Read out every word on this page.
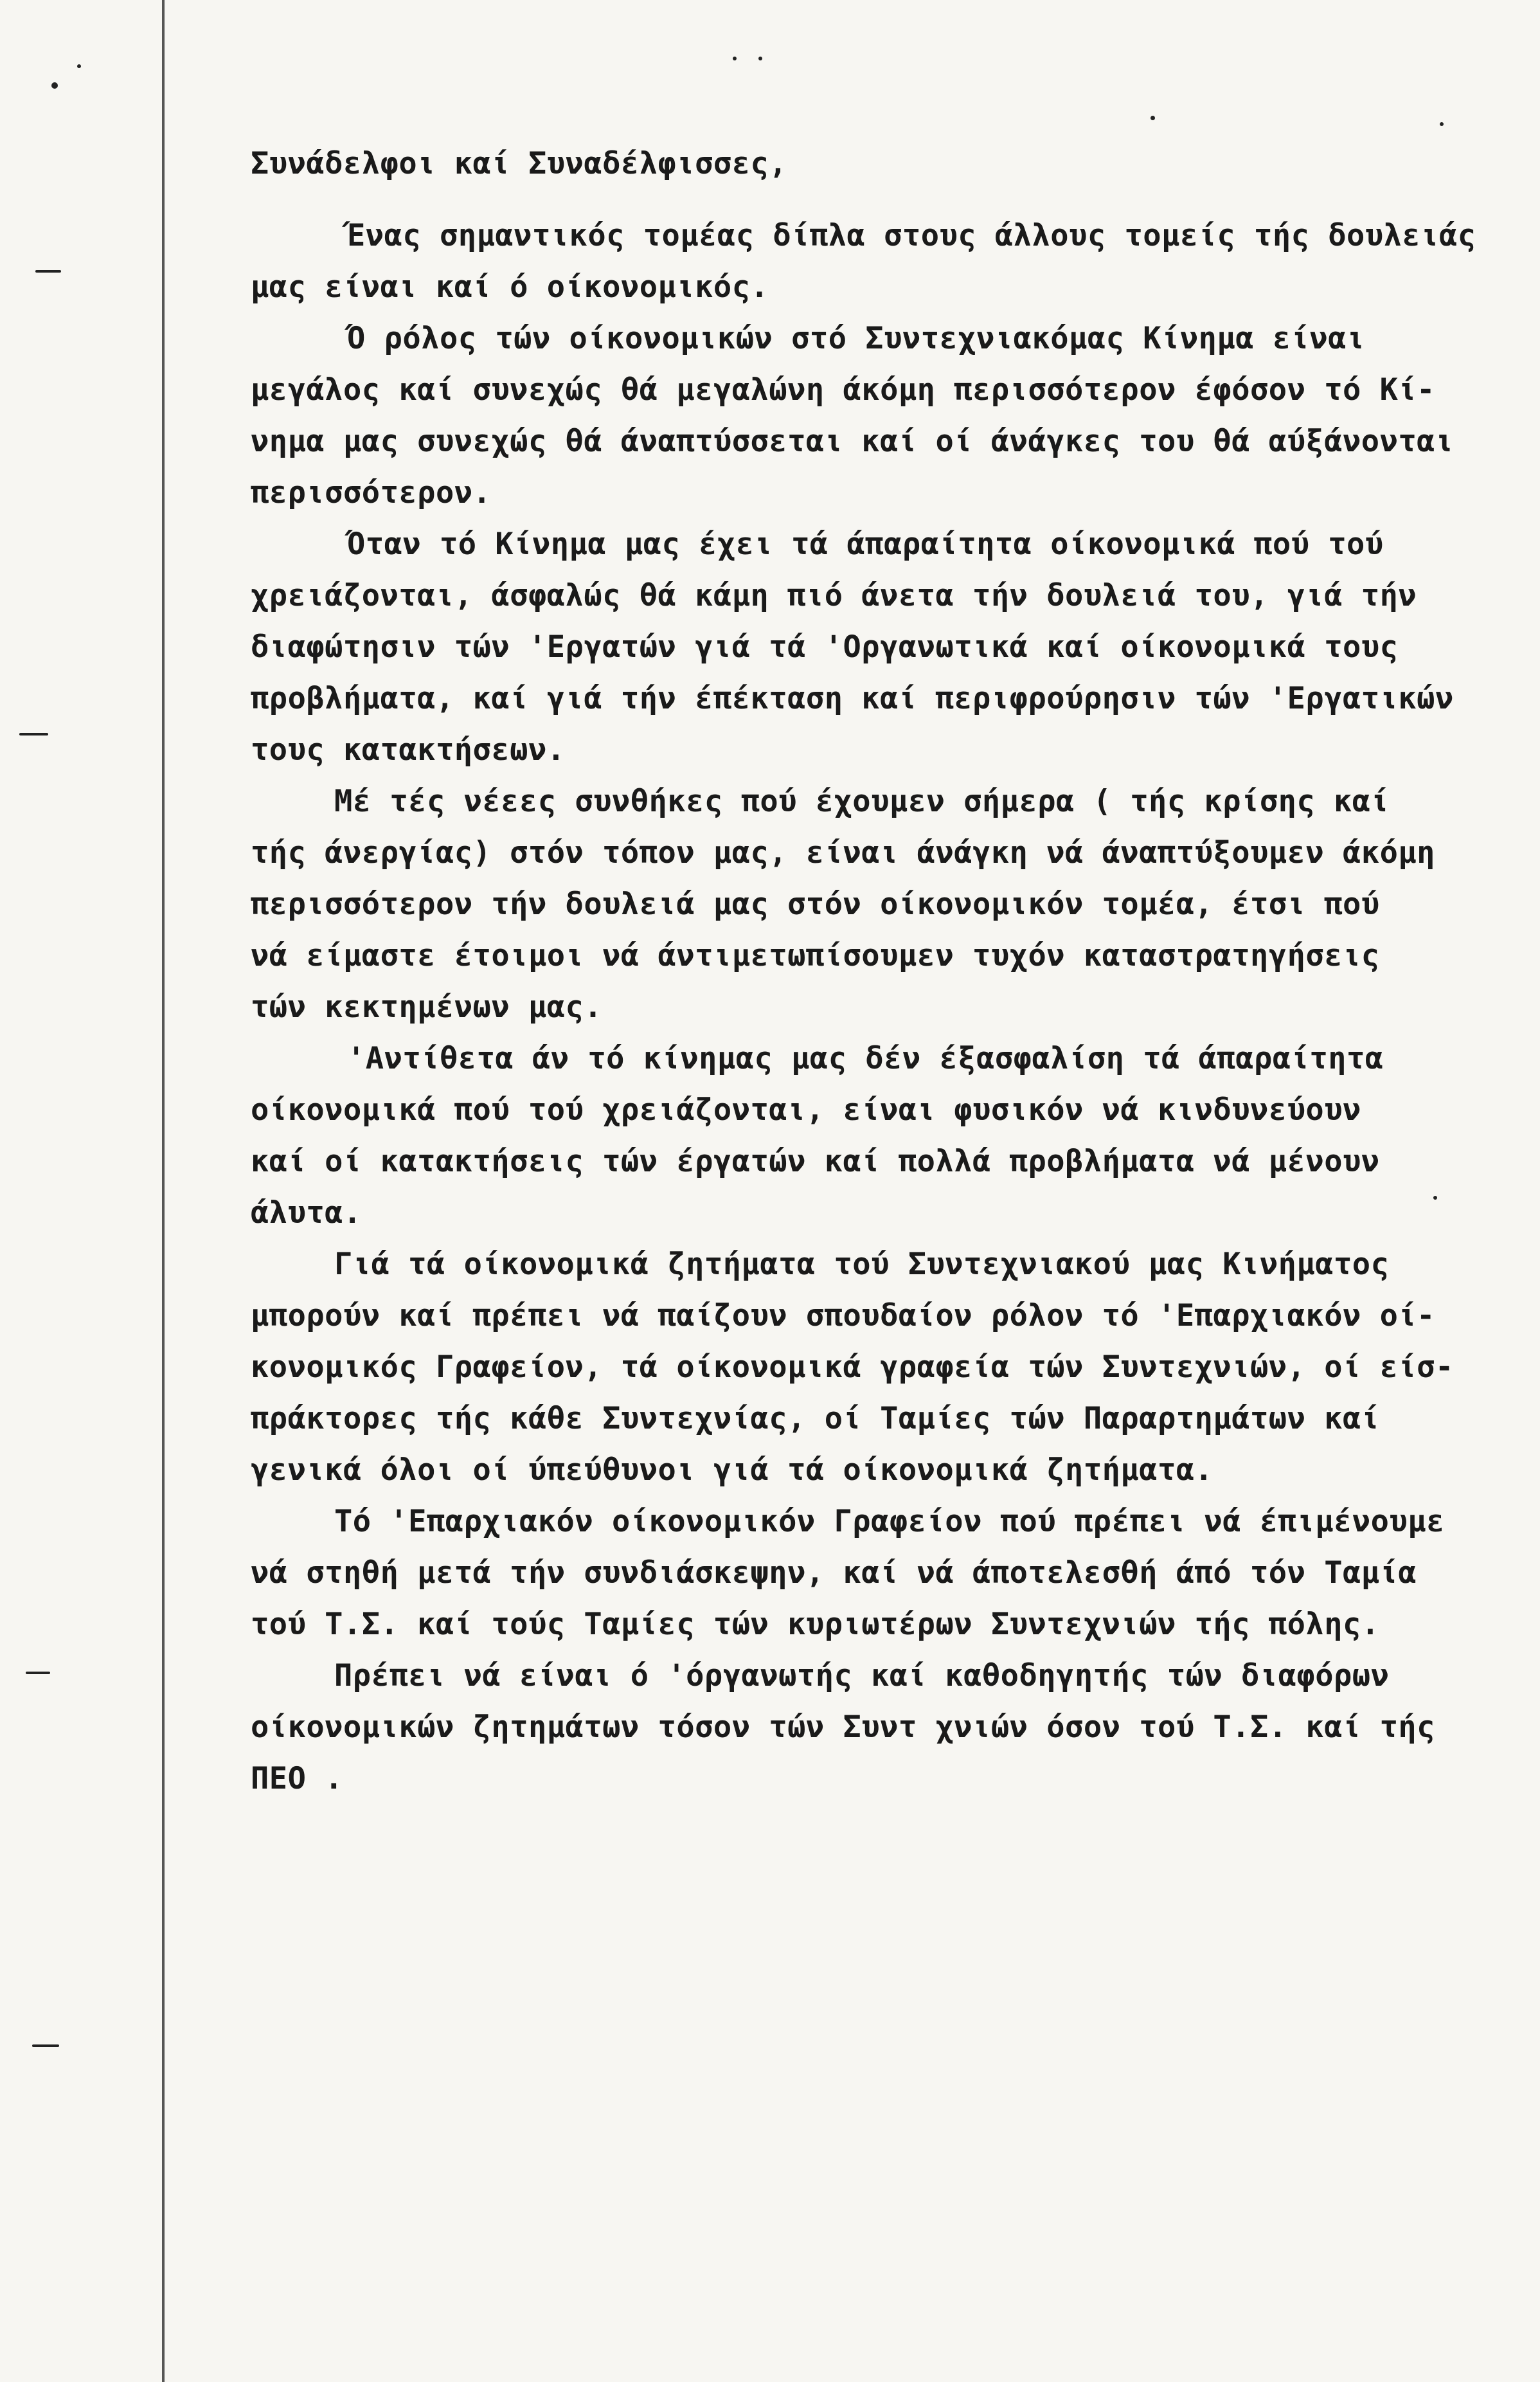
Συνάδελφοι καί Συναδέλφισσες,
Ένας σημαντικός τομέας δίπλα στους άλλους τομείς τής δουλειάς
μας είναι καί ό οίκονομικός.
Ό ρόλος τών οίκονομικών στό Συντεχνιακόμας Κίνημα είναι
μεγάλος καί συνεχώς θά μεγαλώνη άκόμη περισσότερον έφόσον τό Κί-
νημα μας συνεχώς θά άναπτύσσεται καί οί άνάγκες του θά αύξάνονται
περισσότερον.
Όταν τό Κίνημα μας έχει τά άπαραίτητα οίκονομικά πού τού
χρειάζονται, άσφαλώς θά κάμη πιό άνετα τήν δουλειά του, γιά τήν
διαφώτησιν τών 'Εργατών γιά τά 'Οργανωτικά καί οίκονομικά τους
προβλήματα, καί γιά τήν έπέκταση καί περιφρούρησιν τών 'Εργατικών
τους κατακτήσεων.
Μέ τές νέεες συνθήκες πού έχουμεν σήμερα ( τής κρίσης καί
τής άνεργίας) στόν τόπον μας, είναι άνάγκη νά άναπτύξουμεν άκόμη
περισσότερον τήν δουλειά μας στόν οίκονομικόν τομέα, έτσι πού
νά είμαστε έτοιμοι νά άντιμετωπίσουμεν τυχόν καταστρατηγήσεις
τών κεκτημένων μας.
'Αντίθετα άν τό κίνημας μας δέν έξασφαλίση τά άπαραίτητα
οίκονομικά πού τού χρειάζονται, είναι φυσικόν νά κινδυνεύουν
καί οί κατακτήσεις τών έργατών καί πολλά προβλήματα νά μένουν
άλυτα.
Γιά τά οίκονομικά ζητήματα τού Συντεχνιακού μας Κινήματος
μπορούν καί πρέπει νά παίζουν σπουδαίον ρόλον τό 'Επαρχιακόν οί-
κονομικός Γραφείον, τά οίκονομικά γραφεία τών Συντεχνιών, οί είσ-
πράκτορες τής κάθε Συντεχνίας, οί Ταμίες τών Παραρτημάτων καί
γενικά όλοι οί ύπεύθυνοι γιά τά οίκονομικά ζητήματα.
Τό 'Επαρχιακόν οίκονομικόν Γραφείον πού πρέπει νά έπιμένουμε
νά στηθή μετά τήν συνδιάσκεψην, καί νά άποτελεσθή άπό τόν Ταμία
τού Τ.Σ. καί τούς Ταμίες τών κυριωτέρων Συντεχνιών τής πόλης.
Πρέπει νά είναι ό 'όργανωτής καί καθοδηγητής τών διαφόρων
οίκονομικών ζητημάτων τόσον τών Συντ χνιών όσον τού Τ.Σ. καί τής
ΠΕΟ .
